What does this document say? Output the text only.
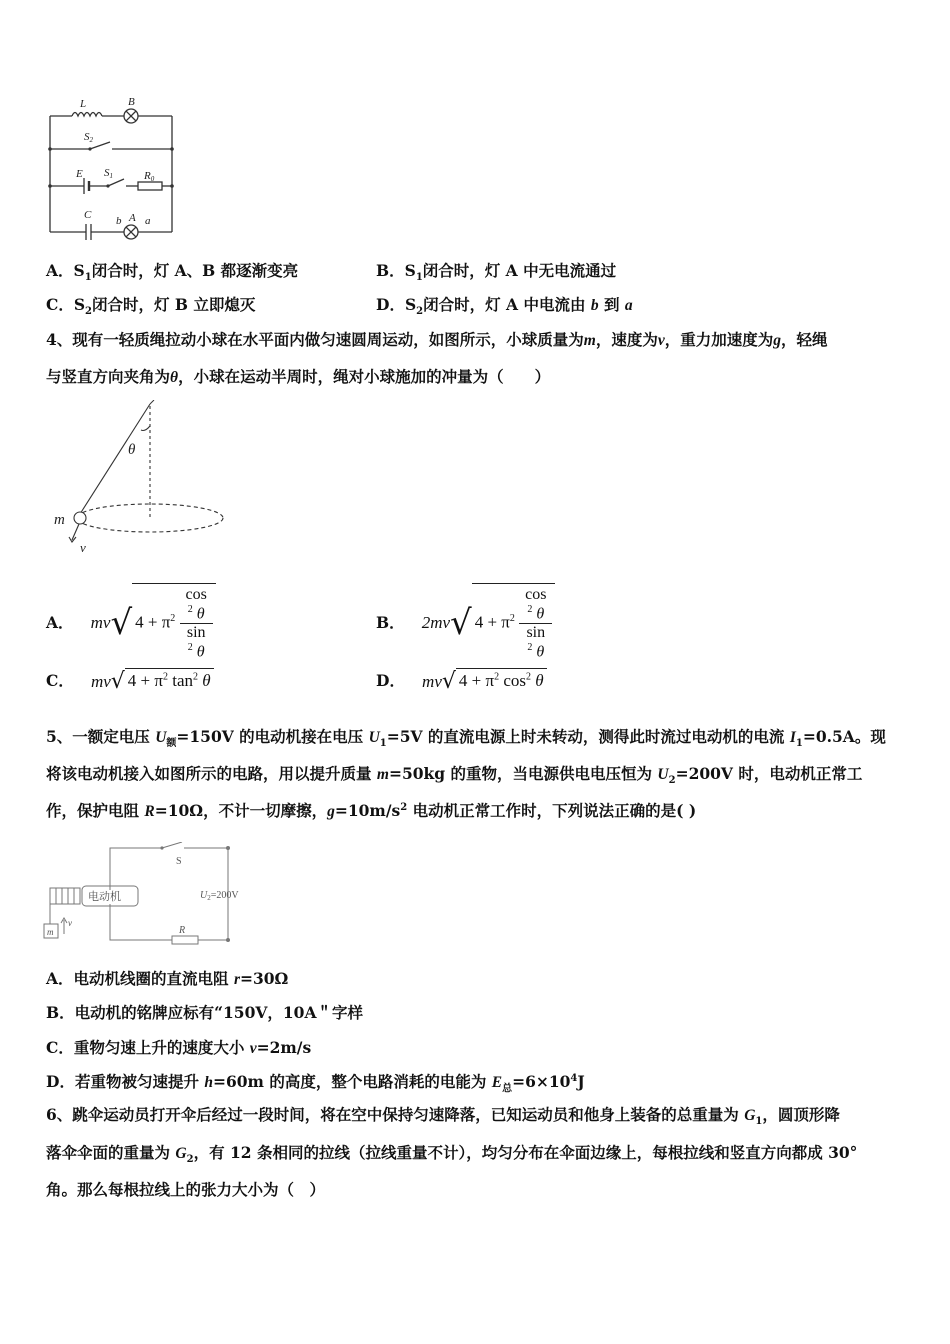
L	B
S2
E S1	R0
C b A a
A．$S_1$闭合时，灯 A、B 都逐渐变亮	B．$S_1$闭合时，灯 A 中无电流通过
C．$S_2$闭合时，灯 B 立即熄灭	D．$S_2$闭合时，灯 A 中电流由 b 到 a
4、现有一轻质绳拉动小球在水平面内做匀速圆周运动，如图所示，小球质量为m，速度为v，重力加速度为g，轻绳
与竖直方向夹角为θ，小球在运动半周时，绳对小球施加的冲量为（　　）
θ
m
v
A． mv√ $4 + \pi^2$ cos
$^2$ θ
sin
$^2$ θ	B． 2mv√ $4 + \pi^2$ cos
$^2$ θ
sin
$^2$ θ
C． mv√ $4 + \pi^2$ $\tan^2 \theta$	D． mv√ $4 + \pi^2$ $\cos^2 \theta$
5、一额定电压 $U_额=150V$ 的电动机接在电压 $U_1=5V$ 的直流电源上时未转动，测得此时流过电动机的电流 $I_1=0.5A$。现
将该电动机接入如图所示的电路，用以提升质量 m=50kg 的重物，当电源供电电压恒为 $U_2=200V$ 时，电动机正常工
作，保护电阻 R=10Ω，不计一切摩擦，$g=10m/s^2$ 电动机正常工作时，下列说法正确的是( )
S
电动机	$U_2=200V$
R
m
v
A．电动机线圈的直流电阻 r=30Ω
B．电动机的铭牌应标有“150V，10A＂字样
C．重物匀速上升的速度大小 v=2m/s
D．若重物被匀速提升 h=60m 的高度，整个电路消耗的电能为 $E_总=6\times 10^4J$
6、跳伞运动员打开伞后经过一段时间，将在空中保持匀速降落，已知运动员和他身上装备的总重量为 $G_1$，圆顶形降
落伞伞面的重量为 $G_2$，有 12 条相同的拉线（拉线重量不计），均匀分布在伞面边缘上，每根拉线和竖直方向都成 30°
角。那么每根拉线上的张力大小为（　）
